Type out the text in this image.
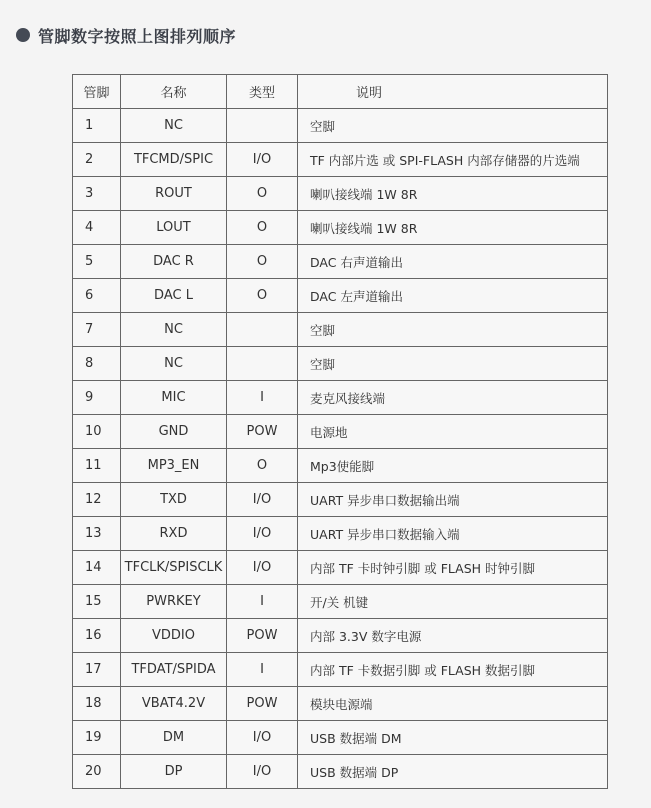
管脚数字按照上图排列顺序
管脚	名称	类型	说明
1	NC		空脚
2	TFCMD/SPIC	I/O	TF 内部片选 或 SPI-FLASH 内部存储器的片选端
3	ROUT	O	喇叭接线端 1W 8R
4	LOUT	O	喇叭接线端 1W 8R
5	DAC R	O	DAC 右声道输出
6	DAC L	O	DAC 左声道输出
7	NC		空脚
8	NC		空脚
9	MIC	I	麦克风接线端
10	GND	POW	电源地
11	MP3_EN	O	Mp3使能脚
12	TXD	I/O	UART 异步串口数据输出端
13	RXD	I/O	UART 异步串口数据输入端
14	TFCLK/SPISCLK	I/O	内部 TF 卡时钟引脚 或 FLASH 时钟引脚
15	PWRKEY	I	开/关 机键
16	VDDIO	POW	内部 3.3V 数字电源
17	TFDAT/SPIDA	I	内部 TF 卡数据引脚 或 FLASH 数据引脚
18	VBAT4.2V	POW	模块电源端
19	DM	I/O	USB 数据端 DM
20	DP	I/O	USB 数据端 DP
